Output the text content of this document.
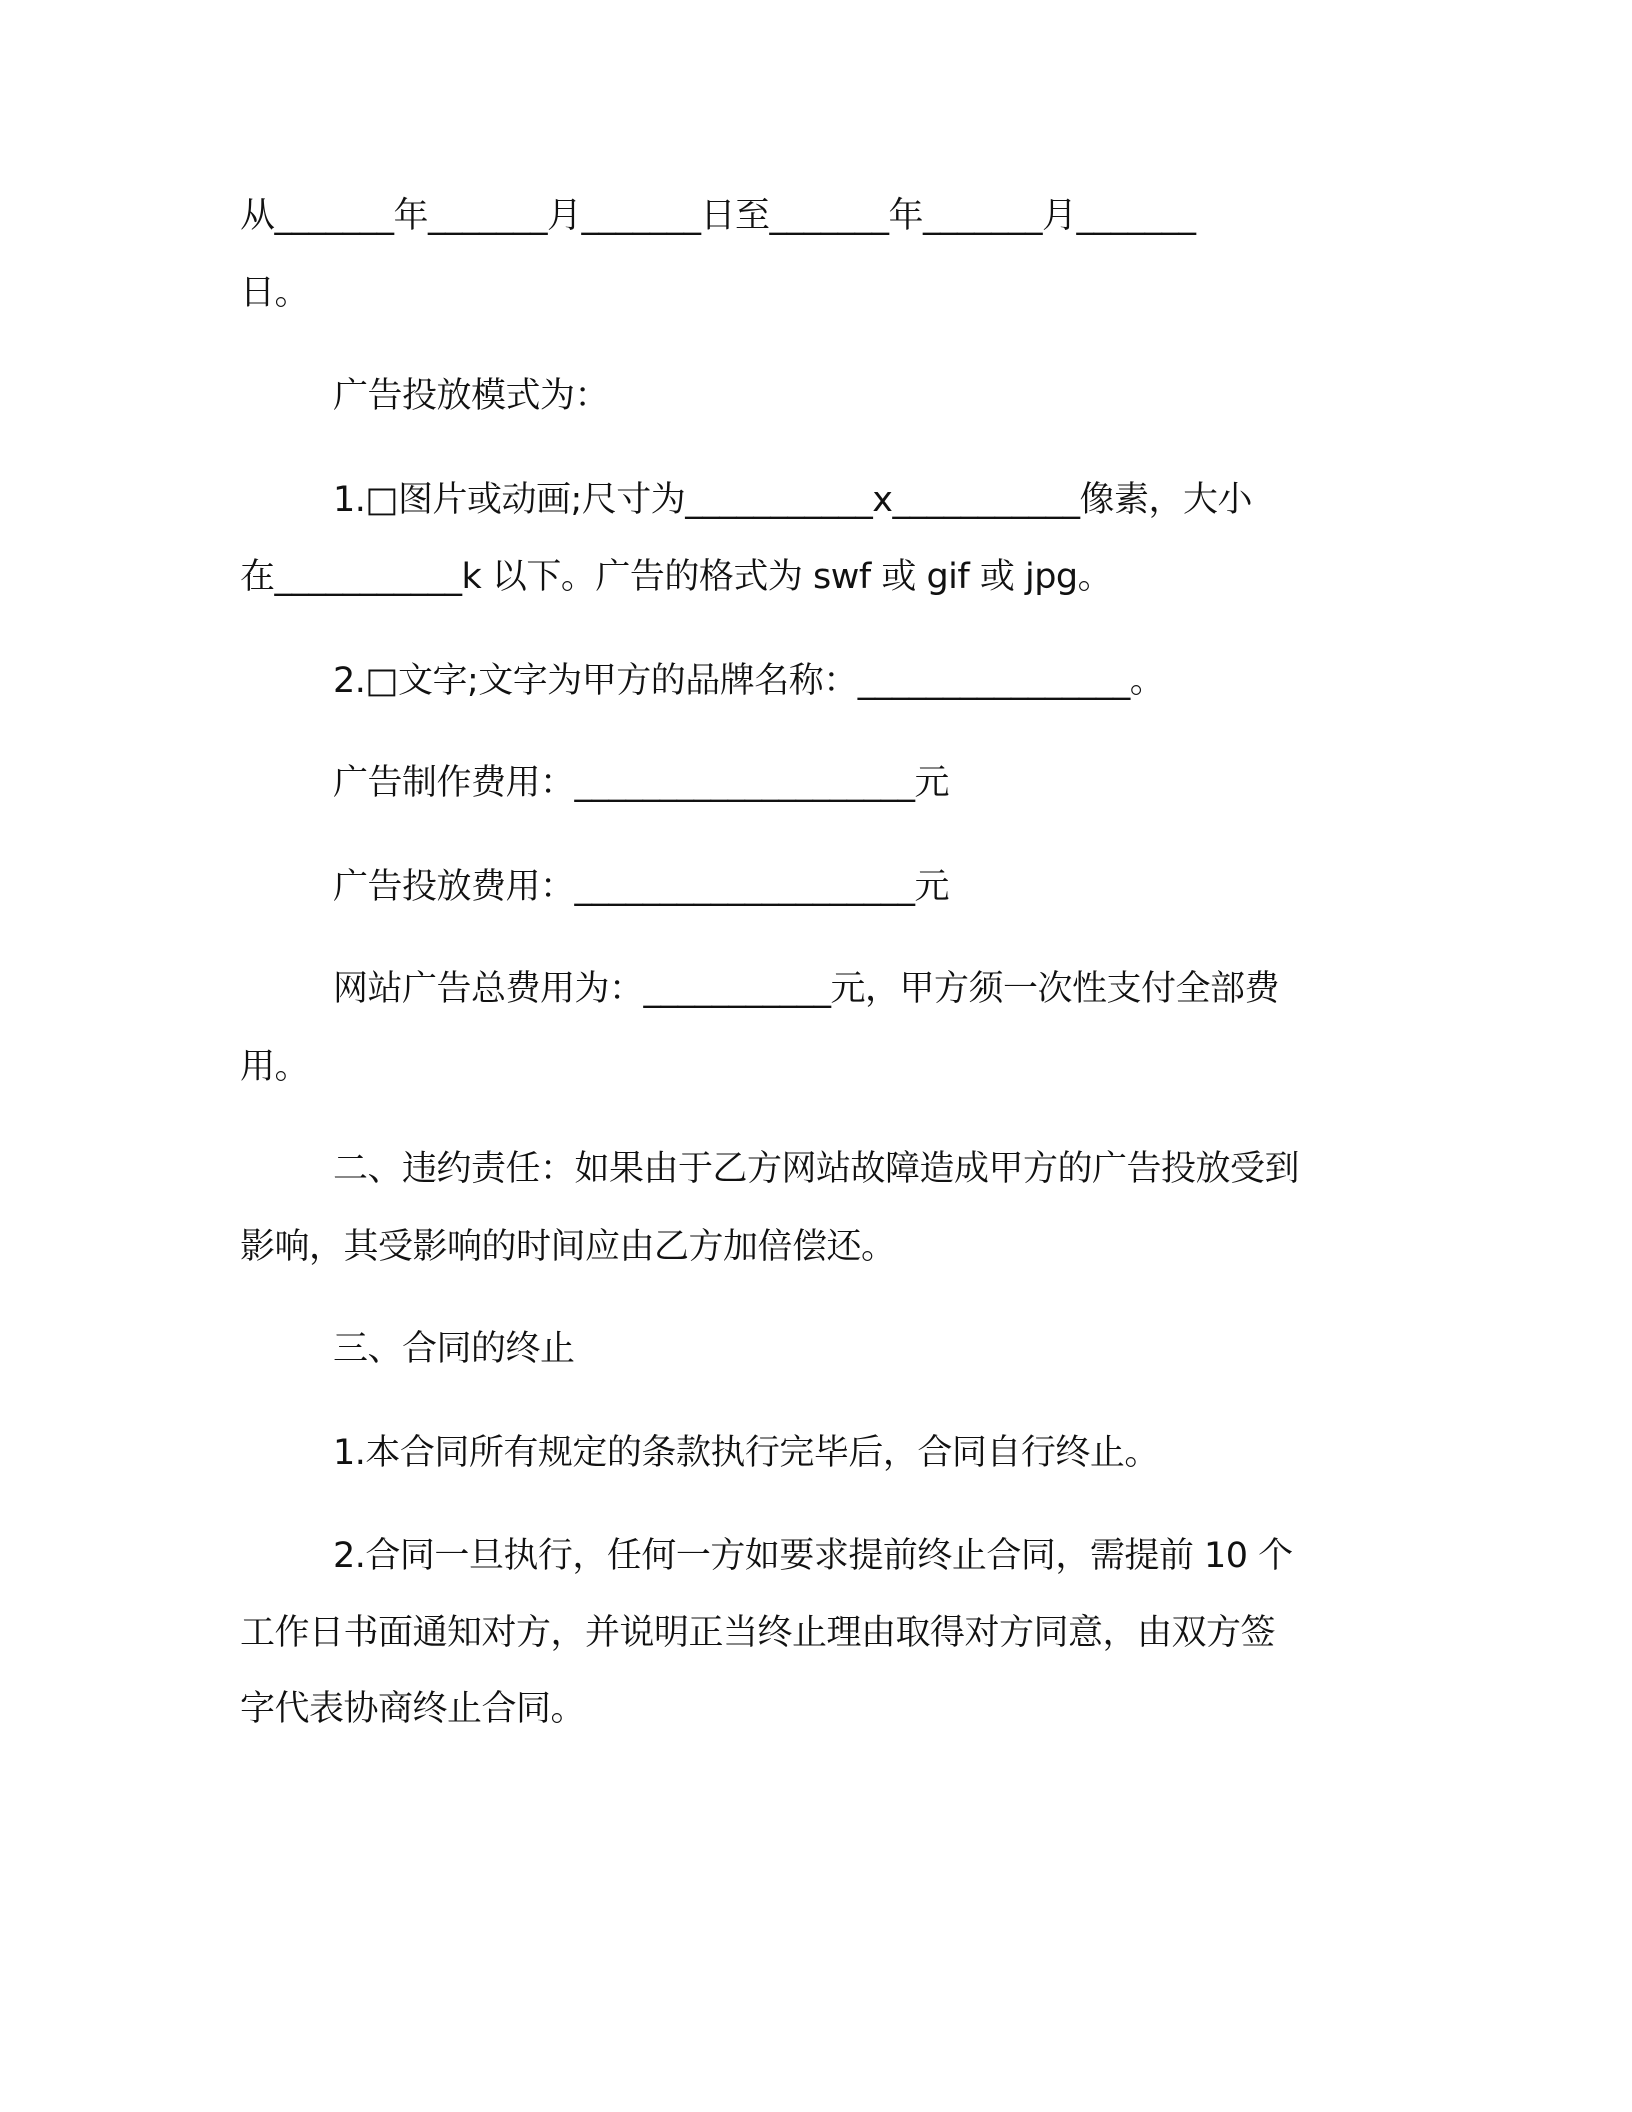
从_______年_______月_______日至_______年_______月_______
日。
广告投放模式为：
1.□图片或动画;尺寸为___________x___________像素，大小
在___________k 以下。广告的格式为 swf 或 gif 或 jpg。
2.□文字;文字为甲方的品牌名称：________________。
广告制作费用：____________________元
广告投放费用：____________________元
网站广告总费用为：___________元，甲方须一次性支付全部费
用。
二、违约责任：如果由于乙方网站故障造成甲方的广告投放受到
影响，其受影响的时间应由乙方加倍偿还。
三、合同的终止
1.本合同所有规定的条款执行完毕后，合同自行终止。
2.合同一旦执行，任何一方如要求提前终止合同，需提前 10 个
工作日书面通知对方，并说明正当终止理由取得对方同意，由双方签
字代表协商终止合同。
